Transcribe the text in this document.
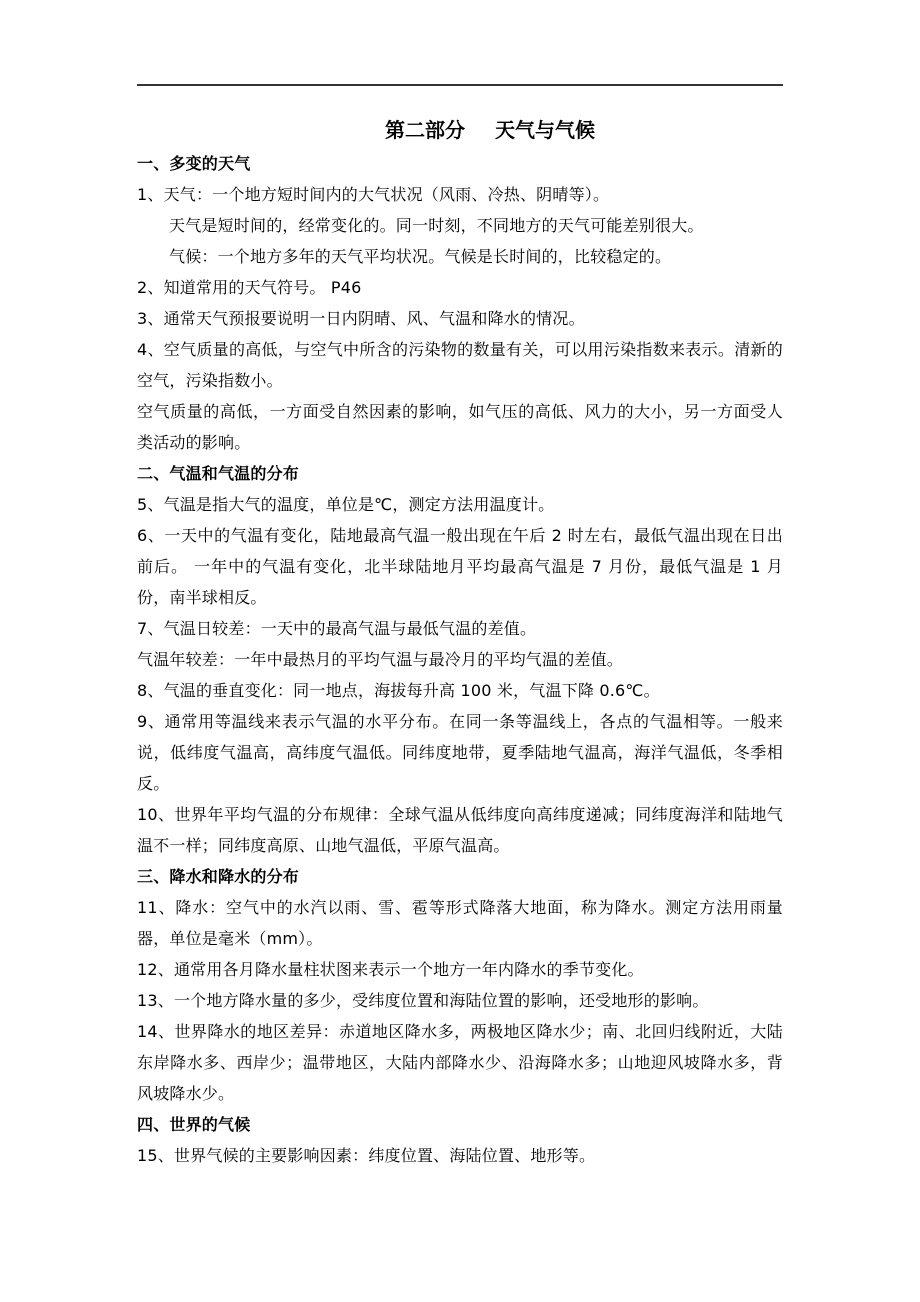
第二部分 天气与气候
一、多变的天气
1、天气：一个地方短时间内的大气状况（风雨、冷热、阴晴等）。
天气是短时间的，经常变化的。同一时刻，不同地方的天气可能差别很大。
气候：一个地方多年的天气平均状况。气候是长时间的，比较稳定的。
2、知道常用的天气符号。 P46
3、通常天气预报要说明一日内阴晴、风、气温和降水的情况。
4、空气质量的高低，与空气中所含的污染物的数量有关，可以用污染指数来表示。清新的空气，污染指数小。
空气质量的高低，一方面受自然因素的影响，如气压的高低、风力的大小，另一方面受人类活动的影响。
二、气温和气温的分布
5、气温是指大气的温度，单位是℃，测定方法用温度计。
6、一天中的气温有变化，陆地最高气温一般出现在午后 2 时左右，最低气温出现在日出前后。 一年中的气温有变化，北半球陆地月平均最高气温是 7 月份，最低气温是 1 月份，南半球相反。
7、气温日较差：一天中的最高气温与最低气温的差值。
气温年较差：一年中最热月的平均气温与最冷月的平均气温的差值。
8、气温的垂直变化：同一地点，海拔每升高 100 米，气温下降 0.6℃。
9、通常用等温线来表示气温的水平分布。在同一条等温线上，各点的气温相等。一般来说，低纬度气温高，高纬度气温低。同纬度地带，夏季陆地气温高，海洋气温低，冬季相反。
10、世界年平均气温的分布规律：全球气温从低纬度向高纬度递减；同纬度海洋和陆地气温不一样；同纬度高原、山地气温低，平原气温高。
三、降水和降水的分布
11、降水：空气中的水汽以雨、雪、雹等形式降落大地面，称为降水。测定方法用雨量器，单位是毫米（mm）。
12、通常用各月降水量柱状图来表示一个地方一年内降水的季节变化。
13、一个地方降水量的多少，受纬度位置和海陆位置的影响，还受地形的影响。
14、世界降水的地区差异：赤道地区降水多，两极地区降水少；南、北回归线附近，大陆东岸降水多、西岸少；温带地区，大陆内部降水少、沿海降水多；山地迎风坡降水多，背风坡降水少。
四、世界的气候
15、世界气候的主要影响因素：纬度位置、海陆位置、地形等。
